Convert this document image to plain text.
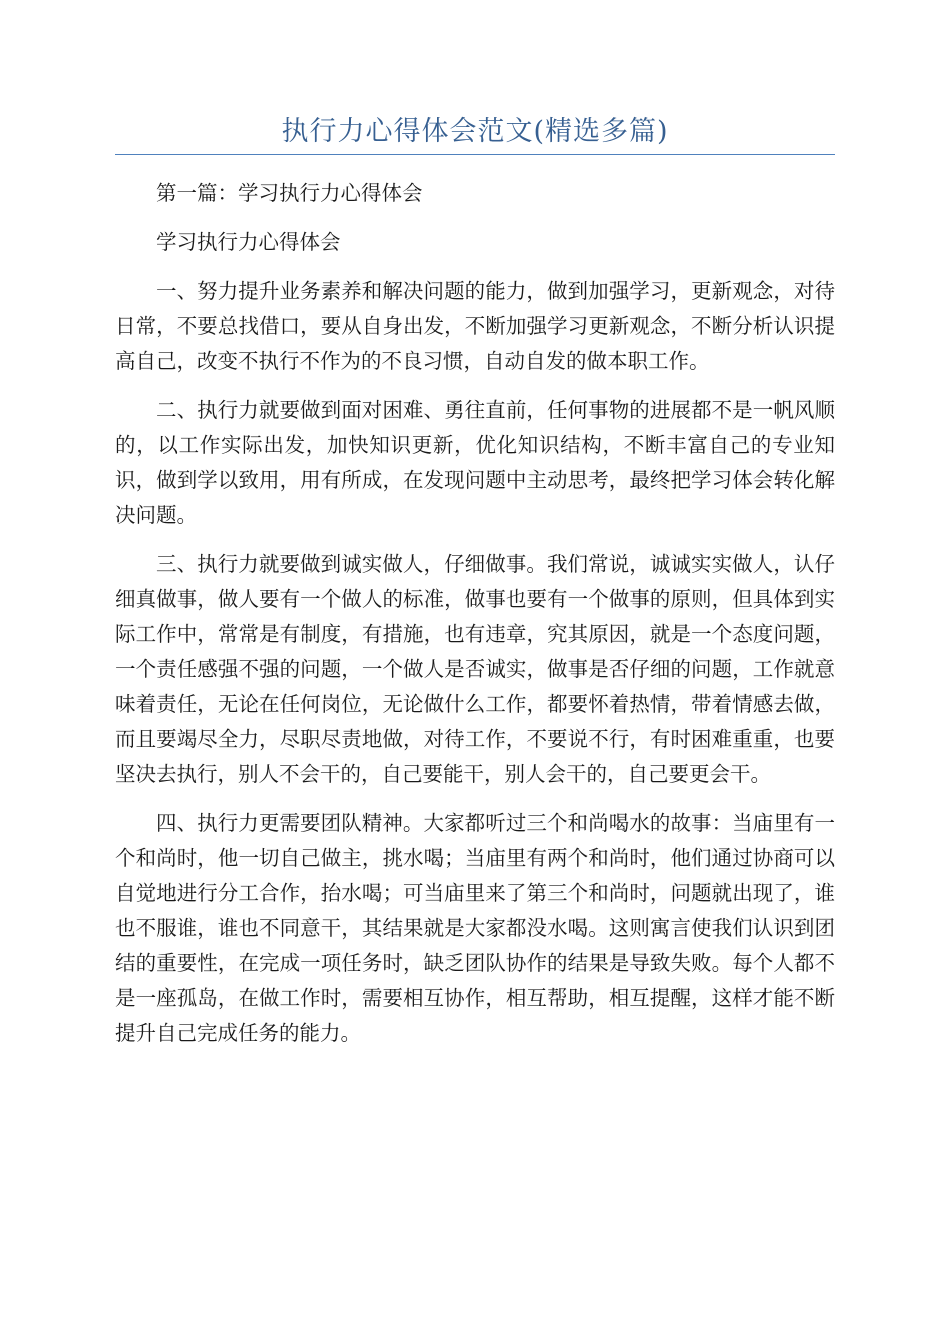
执行力心得体会范文(精选多篇)

第一篇：学习执行力心得体会

学习执行力心得体会

一、努力提升业务素养和解决问题的能力，做到加强学习，更新观念，对待日常，不要总找借口，要从自身出发，不断加强学习更新观念，不断分析认识提高自己，改变不执行不作为的不良习惯，自动自发的做本职工作。

二、执行力就要做到面对困难、勇往直前，任何事物的进展都不是一帆风顺的，以工作实际出发，加快知识更新，优化知识结构，不断丰富自己的专业知识，做到学以致用，用有所成，在发现问题中主动思考，最终把学习体会转化解决问题。

三、执行力就要做到诚实做人，仔细做事。我们常说，诚诚实实做人，认仔细真做事，做人要有一个做人的标准，做事也要有一个做事的原则，但具体到实际工作中，常常是有制度，有措施，也有违章，究其原因，就是一个态度问题，一个责任感强不强的问题，一个做人是否诚实，做事是否仔细的问题，工作就意味着责任，无论在任何岗位，无论做什么工作，都要怀着热情，带着情感去做，而且要竭尽全力，尽职尽责地做，对待工作，不要说不行，有时困难重重，也要坚决去执行，别人不会干的，自己要能干，别人会干的，自己要更会干。

四、执行力更需要团队精神。大家都听过三个和尚喝水的故事：当庙里有一个和尚时，他一切自己做主，挑水喝；当庙里有两个和尚时，他们通过协商可以自觉地进行分工合作，抬水喝；可当庙里来了第三个和尚时，问题就出现了，谁也不服谁，谁也不同意干，其结果就是大家都没水喝。这则寓言使我们认识到团结的重要性，在完成一项任务时，缺乏团队协作的结果是导致失败。每个人都不是一座孤岛，在做工作时，需要相互协作，相互帮助，相互提醒，这样才能不断提升自己完成任务的能力。
